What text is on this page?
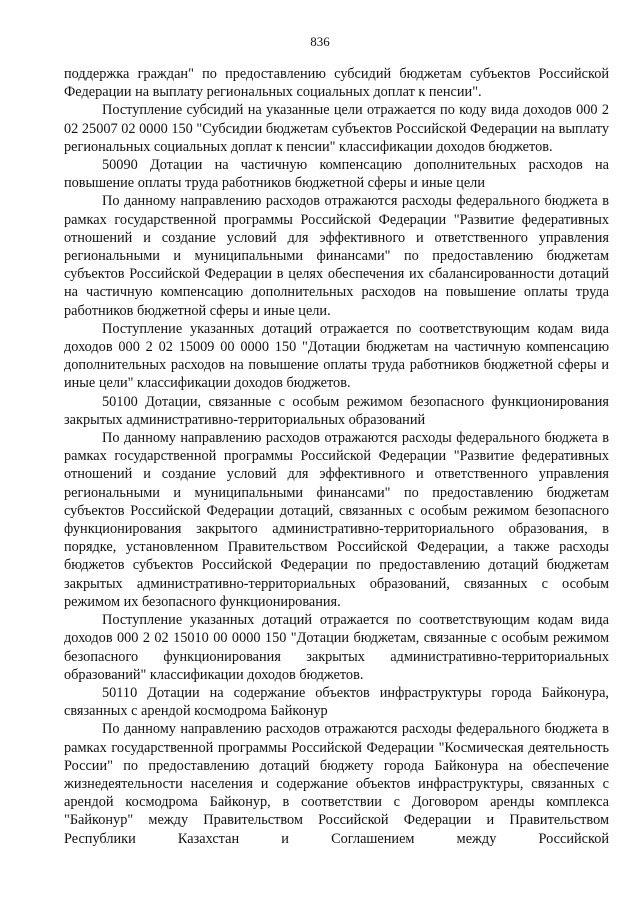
836

поддержка граждан" по предоставлению субсидий бюджетам субъектов Российской Федерации на выплату региональных социальных доплат к пенсии".

Поступление субсидий на указанные цели отражается по коду вида доходов 000 2 02 25007 02 0000 150 "Субсидии бюджетам субъектов Российской Федерации на выплату региональных социальных доплат к пенсии" классификации доходов бюджетов.

50090 Дотации на частичную компенсацию дополнительных расходов на повышение оплаты труда работников бюджетной сферы и иные цели

По данному направлению расходов отражаются расходы федерального бюджета в рамках государственной программы Российской Федерации "Развитие федеративных отношений и создание условий для эффективного и ответственного управления региональными и муниципальными финансами" по предоставлению бюджетам субъектов Российской Федерации в целях обеспечения их сбалансированности дотаций на частичную компенсацию дополнительных расходов на повышение оплаты труда работников бюджетной сферы и иные цели.

Поступление указанных дотаций отражается по соответствующим кодам вида доходов 000 2 02 15009 00 0000 150 "Дотации бюджетам на частичную компенсацию дополнительных расходов на повышение оплаты труда работников бюджетной сферы и иные цели" классификации доходов бюджетов.

50100 Дотации, связанные с особым режимом безопасного функционирования закрытых административно-территориальных образований

По данному направлению расходов отражаются расходы федерального бюджета в рамках государственной программы Российской Федерации "Развитие федеративных отношений и создание условий для эффективного и ответственного управления региональными и муниципальными финансами" по предоставлению бюджетам субъектов Российской Федерации дотаций, связанных с особым режимом безопасного функционирования закрытого административно-территориального образования, в порядке, установленном Правительством Российской Федерации, а также расходы бюджетов субъектов Российской Федерации по предоставлению дотаций бюджетам закрытых административно-территориальных образований, связанных с особым режимом их безопасного функционирования.

Поступление указанных дотаций отражается по соответствующим кодам вида доходов 000 2 02 15010 00 0000 150 "Дотации бюджетам, связанные с особым режимом безопасного функционирования закрытых административно-территориальных образований" классификации доходов бюджетов.

50110 Дотации на содержание объектов инфраструктуры города Байконура, связанных с арендой космодрома Байконур

По данному направлению расходов отражаются расходы федерального бюджета в рамках государственной программы Российской Федерации "Космическая деятельность России" по предоставлению дотаций бюджету города Байконура на обеспечение жизнедеятельности населения и содержание объектов инфраструктуры, связанных с арендой космодрома Байконур, в соответствии с Договором аренды комплекса "Байконур" между Правительством Российской Федерации и Правительством Республики Казахстан и Соглашением между Российской
